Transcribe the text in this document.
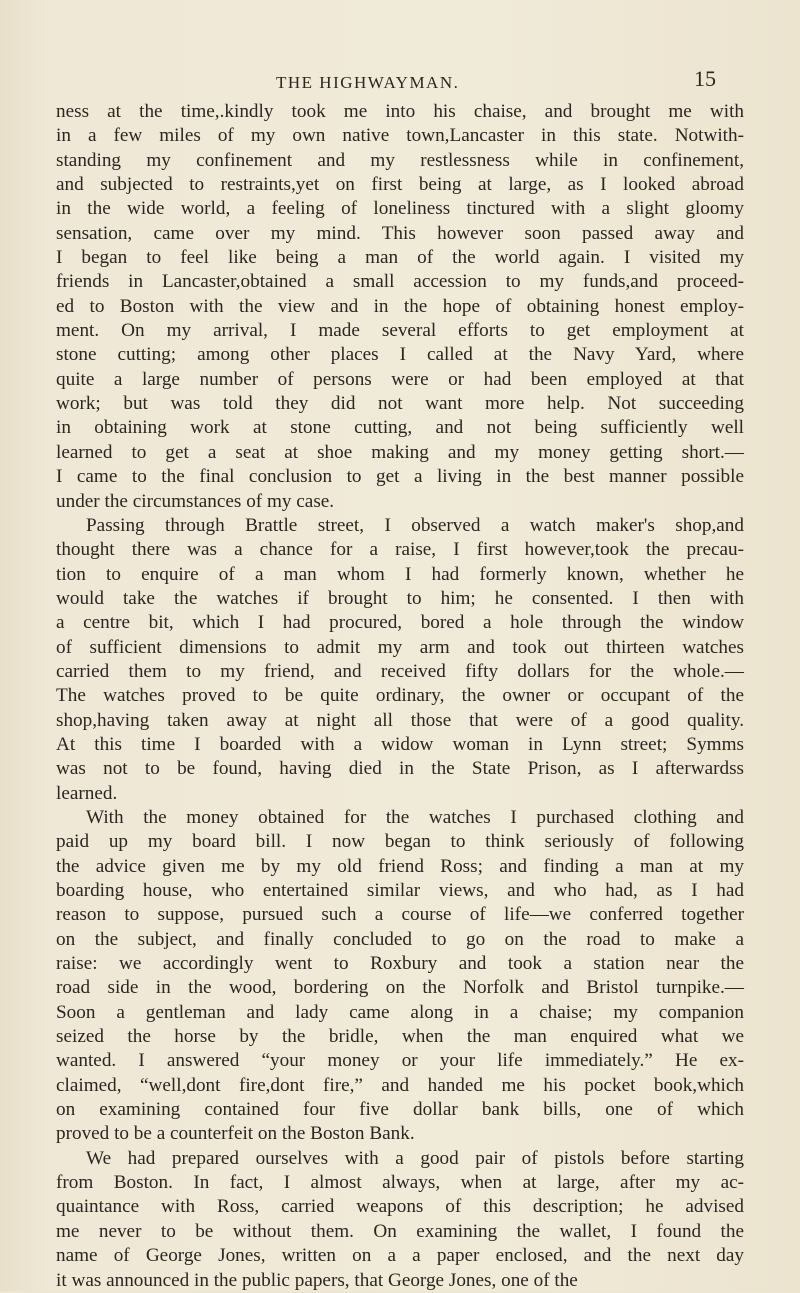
THE HIGHWAYMAN.	15
ness at the time,.kindly took me into his chaise, and brought me with
in a few miles of my own native town,Lancaster in this state. Notwith-
standing my confinement and my restlessness while in confinement,
and subjected to restraints,yet on first being at large, as I looked abroad
in the wide world, a feeling of loneliness tinctured with a slight gloomy
sensation, came over my mind. This however soon passed away and
I began to feel like being a man of the world again. I visited my
friends in Lancaster,obtained a small accession to my funds,and proceed-
ed to Boston with the view and in the hope of obtaining honest employ-
ment. On my arrival, I made several efforts to get employment at
stone cutting; among other places I called at the Navy Yard, where
quite a large number of persons were or had been employed at that
work; but was told they did not want more help. Not succeeding
in obtaining work at stone cutting, and not being sufficiently well
learned to get a seat at shoe making and my money getting short.—
I came to the final conclusion to get a living in the best manner possible
under the circumstances of my case.
Passing through Brattle street, I observed a watch maker's shop,and
thought there was a chance for a raise, I first however,took the precau-
tion to enquire of a man whom I had formerly known, whether he
would take the watches if brought to him; he consented. I then with
a centre bit, which I had procured, bored a hole through the window
of sufficient dimensions to admit my arm and took out thirteen watches
carried them to my friend, and received fifty dollars for the whole.—
The watches proved to be quite ordinary, the owner or occupant of the
shop,having taken away at night all those that were of a good quality.
At this time I boarded with a widow woman in Lynn street; Symms
was not to be found, having died in the State Prison, as I afterwardss
learned.
With the money obtained for the watches I purchased clothing and
paid up my board bill. I now began to think seriously of following
the advice given me by my old friend Ross; and finding a man at my
boarding house, who entertained similar views, and who had, as I had
reason to suppose, pursued such a course of life—we conferred together
on the subject, and finally concluded to go on the road to make a
raise: we accordingly went to Roxbury and took a station near the
road side in the wood, bordering on the Norfolk and Bristol turnpike.—
Soon a gentleman and lady came along in a chaise; my companion
seized the horse by the bridle, when the man enquired what we
wanted. I answered “your money or your life immediately.” He ex-
claimed, “well,dont fire,dont fire,” and handed me his pocket book,which
on examining contained four five dollar bank bills, one of which
proved to be a counterfeit on the Boston Bank.
We had prepared ourselves with a good pair of pistols before starting
from Boston. In fact, I almost always, when at large, after my ac-
quaintance with Ross, carried weapons of this description; he advised
me never to be without them. On examining the wallet, I found the
name of George Jones, written on a a paper enclosed, and the next day
it was announced in the public papers, that George Jones, one of the
